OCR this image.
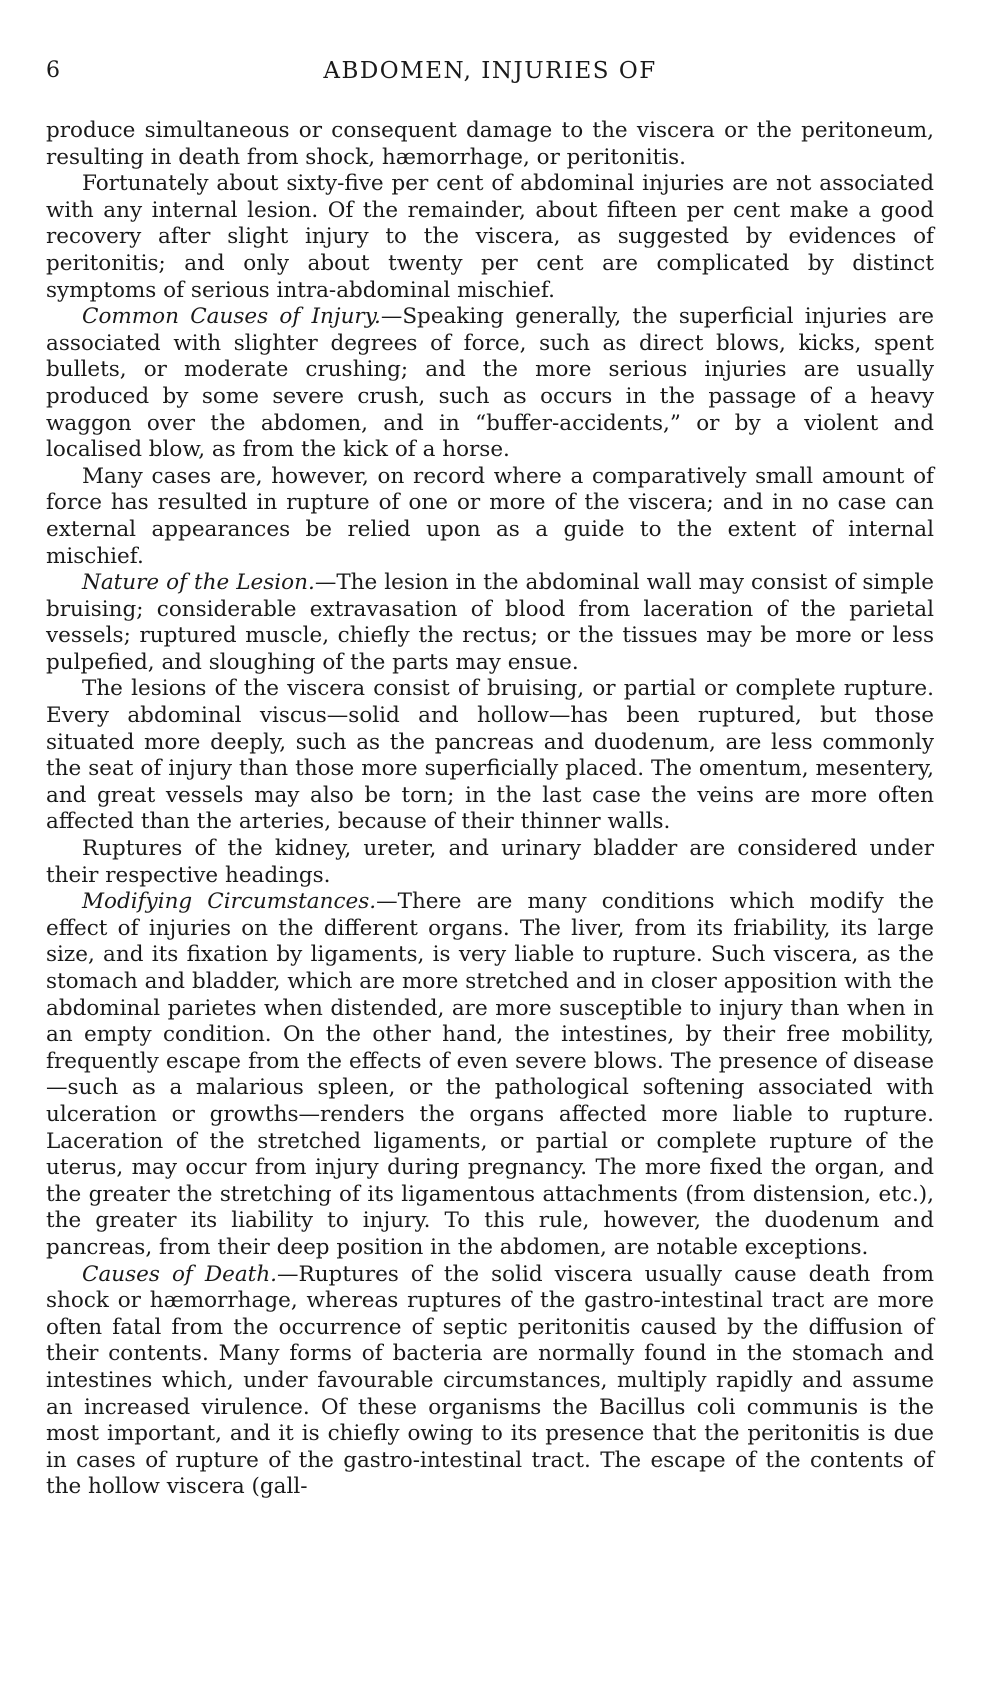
6	ABDOMEN, INJURIES OF

produce simultaneous or consequent damage to the viscera or the peritoneum, resulting in death from shock, hæmorrhage, or peritonitis.

Fortunately about sixty-five per cent of abdominal injuries are not associated with any internal lesion. Of the remainder, about fifteen per cent make a good recovery after slight injury to the viscera, as suggested by evidences of peritonitis; and only about twenty per cent are complicated by distinct symptoms of serious intra-abdominal mischief.

Common Causes of Injury.—Speaking generally, the superficial injuries are associated with slighter degrees of force, such as direct blows, kicks, spent bullets, or moderate crushing; and the more serious injuries are usually produced by some severe crush, such as occurs in the passage of a heavy waggon over the abdomen, and in “buffer-accidents,” or by a violent and localised blow, as from the kick of a horse.

Many cases are, however, on record where a comparatively small amount of force has resulted in rupture of one or more of the viscera; and in no case can external appearances be relied upon as a guide to the extent of internal mischief.

Nature of the Lesion.—The lesion in the abdominal wall may consist of simple bruising; considerable extravasation of blood from laceration of the parietal vessels; ruptured muscle, chiefly the rectus; or the tissues may be more or less pulpefied, and sloughing of the parts may ensue.

The lesions of the viscera consist of bruising, or partial or complete rupture. Every abdominal viscus—solid and hollow—has been ruptured, but those situated more deeply, such as the pancreas and duodenum, are less commonly the seat of injury than those more superficially placed. The omentum, mesentery, and great vessels may also be torn; in the last case the veins are more often affected than the arteries, because of their thinner walls.

Ruptures of the kidney, ureter, and urinary bladder are considered under their respective headings.

Modifying Circumstances.—There are many conditions which modify the effect of injuries on the different organs. The liver, from its friability, its large size, and its fixation by ligaments, is very liable to rupture. Such viscera, as the stomach and bladder, which are more stretched and in closer apposition with the abdominal parietes when distended, are more susceptible to injury than when in an empty condition. On the other hand, the intestines, by their free mobility, frequently escape from the effects of even severe blows. The presence of disease—such as a malarious spleen, or the pathological softening associated with ulceration or growths—renders the organs affected more liable to rupture. Laceration of the stretched ligaments, or partial or complete rupture of the uterus, may occur from injury during pregnancy. The more fixed the organ, and the greater the stretching of its ligamentous attachments (from distension, etc.), the greater its liability to injury. To this rule, however, the duodenum and pancreas, from their deep position in the abdomen, are notable exceptions.

Causes of Death.—Ruptures of the solid viscera usually cause death from shock or hæmorrhage, whereas ruptures of the gastro-intestinal tract are more often fatal from the occurrence of septic peritonitis caused by the diffusion of their contents. Many forms of bacteria are normally found in the stomach and intestines which, under favourable circumstances, multiply rapidly and assume an increased virulence. Of these organisms the Bacillus coli communis is the most important, and it is chiefly owing to its presence that the peritonitis is due in cases of rupture of the gastro-intestinal tract. The escape of the contents of the hollow viscera (gall-
